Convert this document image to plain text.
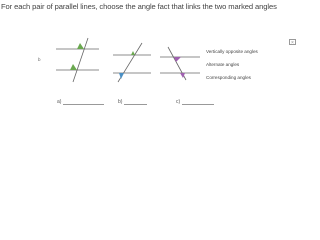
For each pair of parallel lines, choose the angle fact that links the two marked angles
b
×
Vertically opposite angles
Alternate angles
Corresponding angles
a)	b)	c)
